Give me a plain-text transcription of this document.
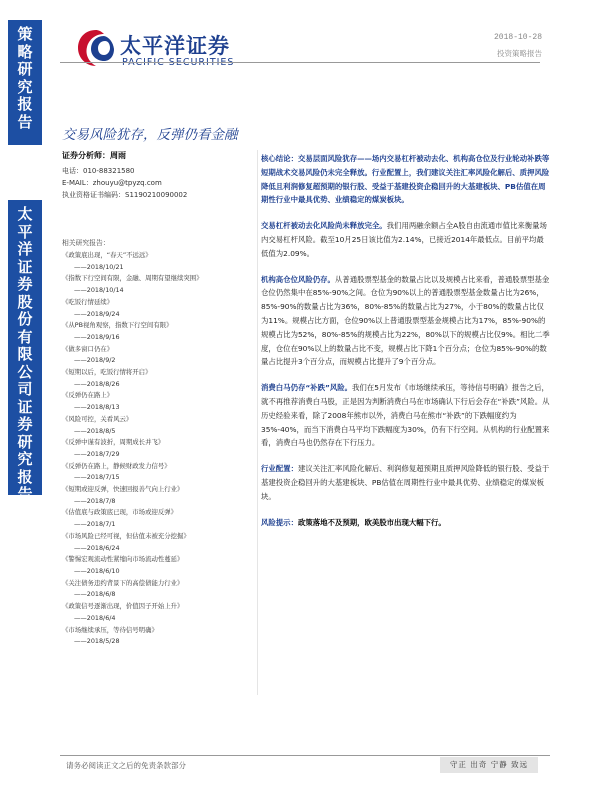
策
略
研
究
报
告
太
平
洋
证
券
股
份
有
限
公
司
证
券
研
究
报
告
太平洋证券	2018-10-28
投资策略报告
交易风险犹存，反弹仍看金融
证券分析师：周雨
电话：010-88321580
E-MAIL：zhouyu@tpyzq.com
执业资格证书编码：S1190210090002
相关研究报告：
《政策底出现，“春天”不远远》
——2018/10/21
《指数下行空间有限，金融、周期有望继续突围》
——2018/10/14
《吃饭行情延续》
——2018/9/24
《从PB视角观察，指数下行空间有限》
——2018/9/16
《做多窗口仍在》
——2018/9/2
《短期以后，吃饭行情将开启》
——2018/8/26
《反弹仍在路上》
——2018/8/13
《风险可控，关看风云》
——2018/8/5
《反弹中谨有波折，周期成长并飞》
——2018/7/29
《反弹仍在路上，静候财政发力信号》
——2018/7/15
《短期或迎反弹，快速回报善气向上行业》
——2018/7/8
《估值底与政策底已现，市场或迎反弹》
——2018/7/1
《市场风险已经可视，但估值未被充分挖掘》
——2018/6/24
《警惕宏观流动性紧缩向市场流动性蔓延》
——2018/6/10
《关注债务违约背景下的高偿债能力行业》
——2018/6/8
《政策信号逐渐出现，价值因子开始上升》
——2018/6/4
《市场继续承压，等待信号明确》
——2018/5/28

核心结论：交易层面风险犹存——场内交易杠杆被动去化、机构高仓位及行业轮动补跌等短期战术交易风险仍未完全释放。行业配置上，我们建议关注汇率风险化解后、质押风险降低且利润修复超预期的银行股、受益于基建投资企稳回升的大基建板块、PB估值在周期性行业中最具优势、业绩稳定的煤炭板块。

交易杠杆被动去化风险尚未释放完全。我们用两融余额占全A股自由流通市值比来衡量场内交易杠杆风险。截至10月25日该比值为2.14%，已接近2014年最低点。目前平均最低值为2.09%。

机构高仓位风险仍存。从普通股票型基金的数量占比以及规模占比来看，普通股票型基金仓位仍然集中在85%-90%之间。仓位为90%以上的普通股票型基金数量占比为26%，85%-90%的数量占比为36%，80%-85%的数量占比为27%，小于80%的数量占比仅为11%。规模占比方面，仓位90%以上普通股票型基金规模占比为17%，85%-90%的规模占比为52%，80%-85%的规模占比为22%，80%以下的规模占比仅9%。相比二季度，仓位在90%以上的数量占比不变，规模占比下降1个百分点；仓位为85%-90%的数量占比提升3个百分点，而规模占比提升了9个百分点。

消费白马仍存“补跌”风险。我们在5月发布《市场继续承压，等待信号明确》报告之后，就不再推荐消费白马股，正是因为判断消费白马在市场确认下行后会存在“补跌”风险。从历史经验来看，除了2008年熊市以外，消费白马在熊市“补跌”的下跌幅度约为35%-40%，而当下消费白马平均下跌幅度为30%，仍有下行空间。从机构的行业配置来看，消费白马也仍然存在下行压力。

行业配置：建议关注汇率风险化解后、利润修复超预期且质押风险降低的银行股、受益于基建投资企稳回升的大基建板块、PB估值在周期性行业中最具优势、业绩稳定的煤炭板块。

风险提示：政策落地不及预期，欧美股市出现大幅下行。

请务必阅读正文之后的免责条款部分	守正 出奇 宁静 致远
